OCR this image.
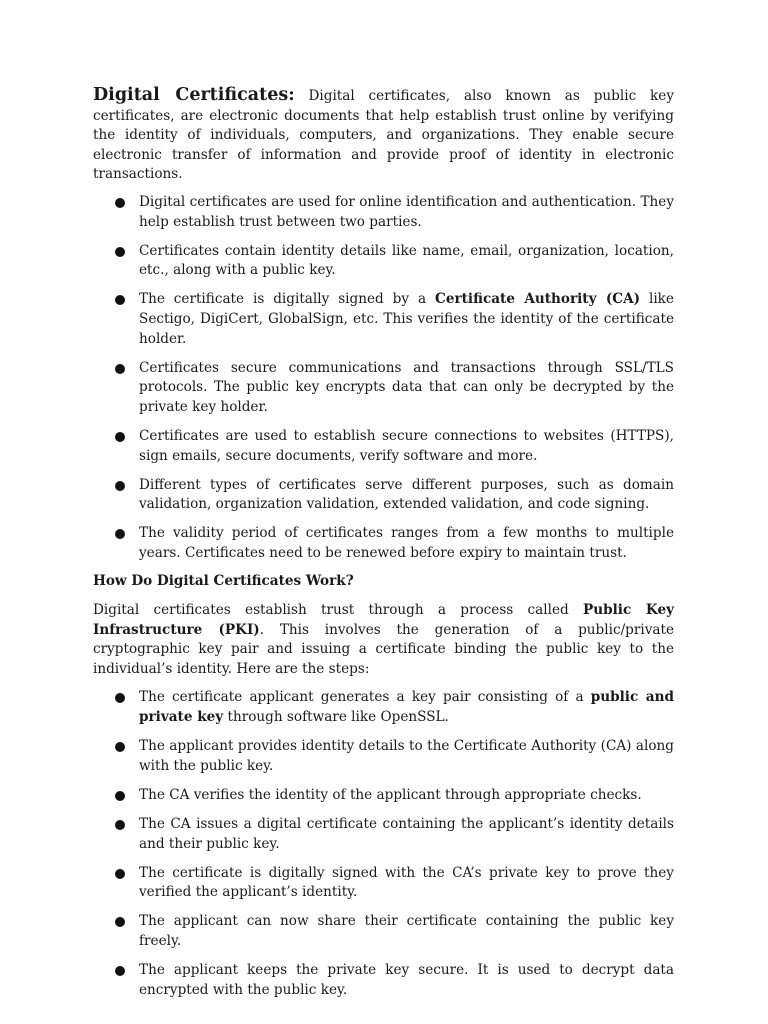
Digital Certificates: Digital certificates, also known as public key certificates, are electronic documents that help establish trust online by verifying the identity of individuals, computers, and organizations. They enable secure electronic transfer of information and provide proof of identity in electronic transactions.

Digital certificates are used for online identification and authentication. They help establish trust between two parties.
Certificates contain identity details like name, email, organization, location, etc., along with a public key.
The certificate is digitally signed by a Certificate Authority (CA) like Sectigo, DigiCert, GlobalSign, etc. This verifies the identity of the certificate holder.
Certificates secure communications and transactions through SSL/TLS protocols. The public key encrypts data that can only be decrypted by the private key holder.
Certificates are used to establish secure connections to websites (HTTPS), sign emails, secure documents, verify software and more.
Different types of certificates serve different purposes, such as domain validation, organization validation, extended validation, and code signing.
The validity period of certificates ranges from a few months to multiple years. Certificates need to be renewed before expiry to maintain trust.

How Do Digital Certificates Work?

Digital certificates establish trust through a process called Public Key Infrastructure (PKI). This involves the generation of a public/private cryptographic key pair and issuing a certificate binding the public key to the individual’s identity. Here are the steps:

The certificate applicant generates a key pair consisting of a public and private key through software like OpenSSL.
The applicant provides identity details to the Certificate Authority (CA) along with the public key.
The CA verifies the identity of the applicant through appropriate checks.
The CA issues a digital certificate containing the applicant’s identity details and their public key.
The certificate is digitally signed with the CA’s private key to prove they verified the applicant’s identity.
The applicant can now share their certificate containing the public key freely.
The applicant keeps the private key secure. It is used to decrypt data encrypted with the public key.
